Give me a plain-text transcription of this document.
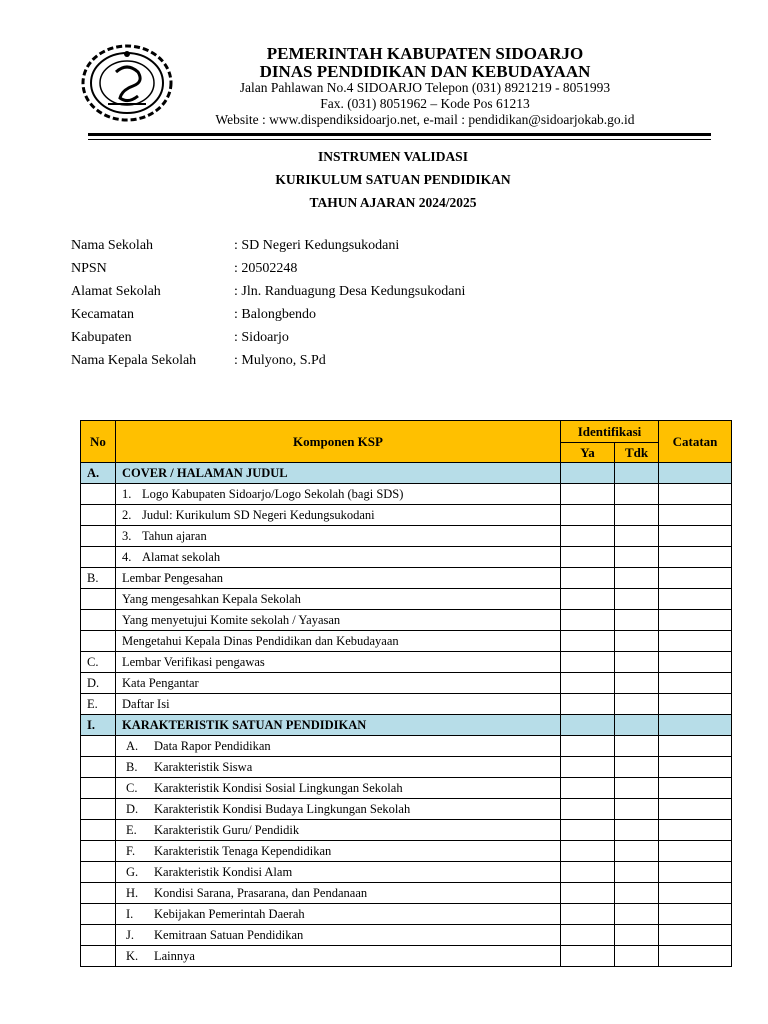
PEMERINTAH KABUPATEN SIDOARJO
DINAS PENDIDIKAN DAN KEBUDAYAAN
Jalan Pahlawan No.4 SIDOARJO Telepon (031) 8921219 - 8051993
Fax. (031) 8051962 – Kode Pos 61213
Website : www.dispendiksidoarjo.net, e-mail : pendidikan@sidoarjokab.go.id
INSTRUMEN VALIDASI
KURIKULUM SATUAN PENDIDIKAN
TAHUN AJARAN 2024/2025
Nama Sekolah	: SD Negeri Kedungsukodani
NPSN	: 20502248
Alamat Sekolah	: Jln. Randuagung Desa Kedungsukodani
Kecamatan	: Balongbendo
Kabupaten	: Sidoarjo
Nama Kepala Sekolah	: Mulyono, S.Pd
No	Komponen KSP	Identifikasi		Catatan
		Ya	Tdk	
A.	COVER / HALAMAN JUDUL			
	1. Logo Kabupaten Sidoarjo/Logo Sekolah (bagi SDS)			
	2. Judul: Kurikulum SD Negeri Kedungsukodani			
	3. Tahun ajaran			
	4. Alamat sekolah			
B.	Lembar Pengesahan			
	Yang mengesahkan Kepala Sekolah			
	Yang menyetujui Komite sekolah / Yayasan			
	Mengetahui Kepala Dinas Pendidikan dan Kebudayaan			
C.	Lembar Verifikasi pengawas			
D.	Kata Pengantar			
E.	Daftar Isi			
I.	KARAKTERISTIK SATUAN PENDIDIKAN			
	A. Data Rapor Pendidikan			
	B. Karakteristik Siswa			
	C. Karakteristik Kondisi Sosial Lingkungan Sekolah			
	D. Karakteristik Kondisi Budaya Lingkungan Sekolah			
	E. Karakteristik Guru/ Pendidik			
	F. Karakteristik Tenaga Kependidikan			
	G. Karakteristik Kondisi Alam			
	H. Kondisi Sarana, Prasarana, dan Pendanaan			
	I. Kebijakan Pemerintah Daerah			
	J. Kemitraan Satuan Pendidikan			
	K. Lainnya			
